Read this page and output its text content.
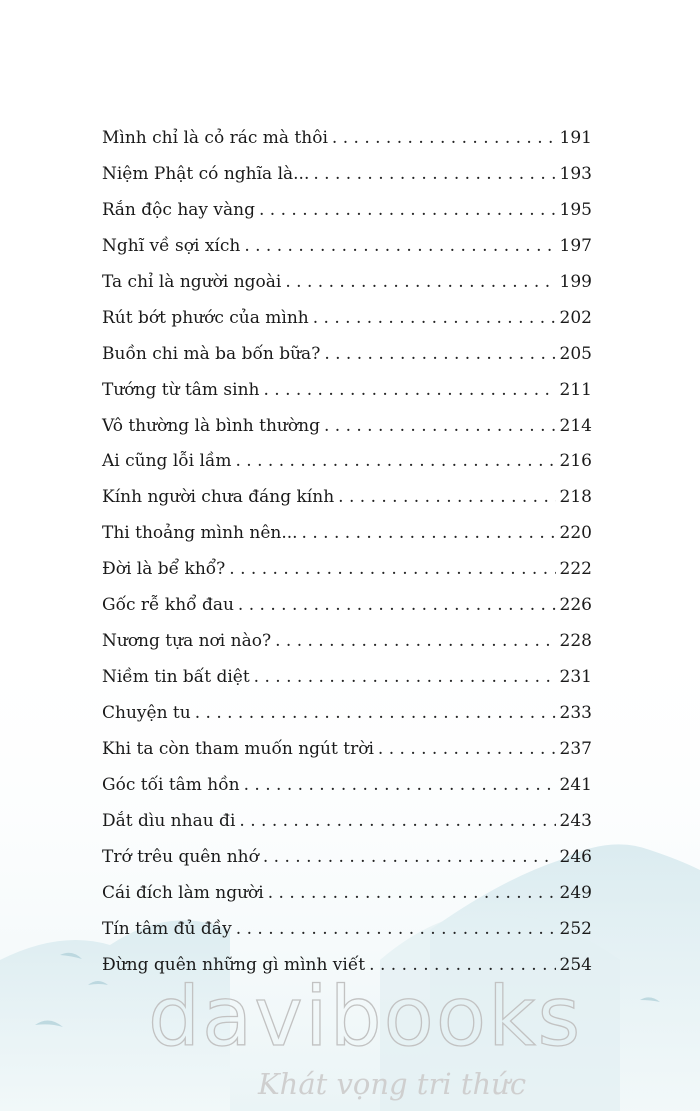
Mình chỉ là cỏ rác mà thôi . . .	191
Niệm Phật có nghĩa là... . . .	193
Rắn độc hay vàng . . .	195
Nghĩ về sợi xích . . .	197
Ta chỉ là người ngoài . . .	199
Rút bớt phước của mình . . .	202
Buồn chi mà ba bốn bữa? . . .	205
Tướng từ tâm sinh . . .	211
Vô thường là bình thường . . .	214
Ai cũng lỗi lầm . . .	216
Kính người chưa đáng kính . . .	218
Thi thoảng mình nên... . . .	220
Đời là bể khổ? . . .	222
Gốc rễ khổ đau . . .	226
Nương tựa nơi nào? . . .	228
Niềm tin bất diệt . . .	231
Chuyện tu . . .	233
Khi ta còn tham muốn ngút trời . . .	237
Góc tối tâm hồn . . .	241
Dắt dìu nhau đi . . .	243
Trớ trêu quên nhớ . . .	246
Cái đích làm người . . .	249
Tín tâm đủ đầy . . .	252
Đừng quên những gì mình viết . . .	254
davibooks
Khát vọng tri thức
